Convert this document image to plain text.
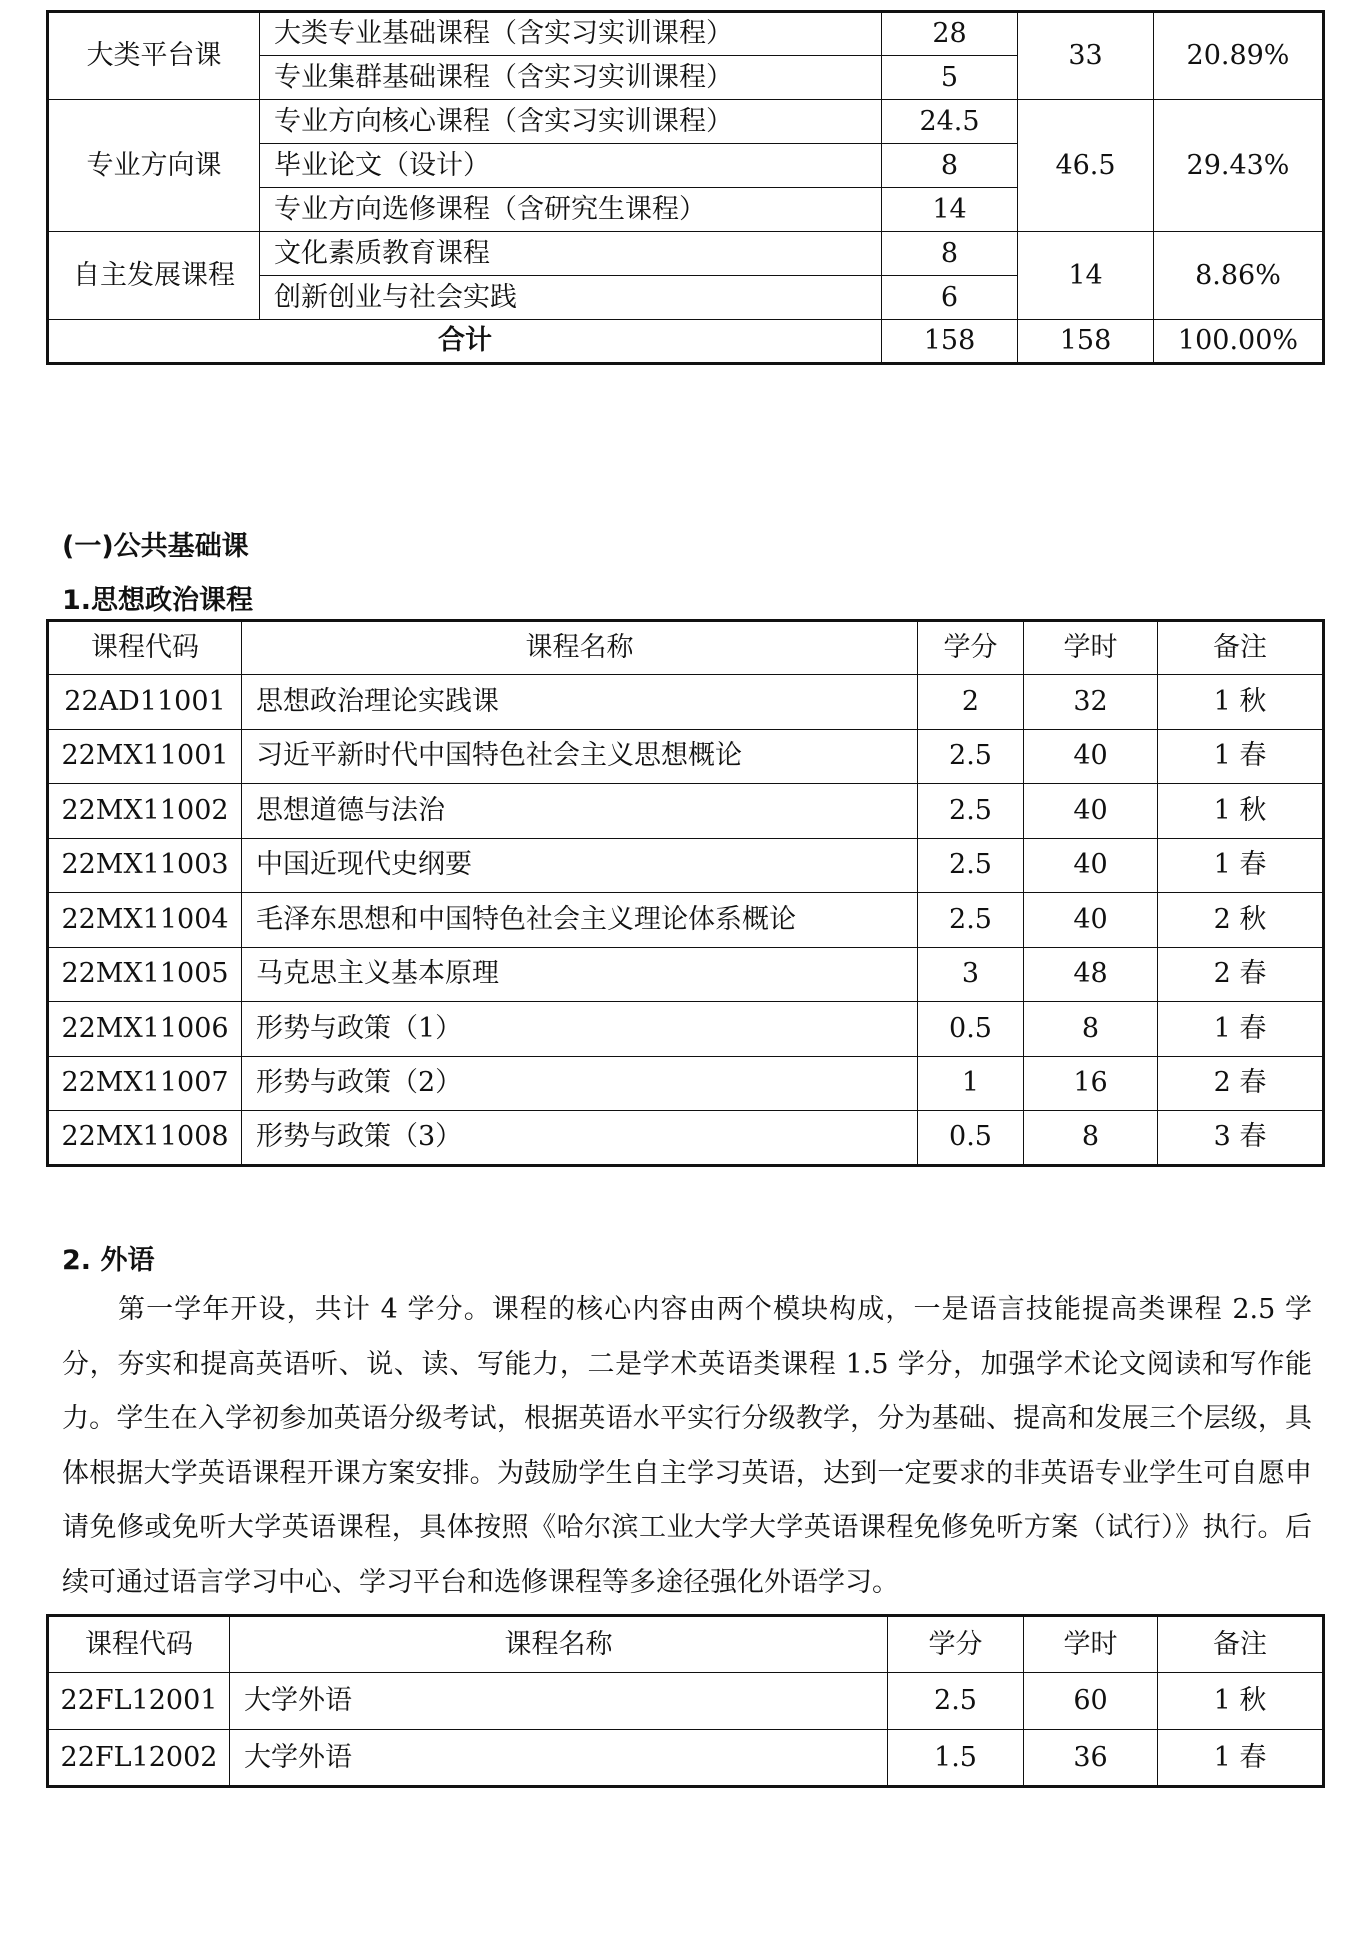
大类平台课	大类专业基础课程（含实习实训课程）	28	33	20.89%
	专业集群基础课程（含实习实训课程）	5		
专业方向课	专业方向核心课程（含实习实训课程）	24.5	46.5	29.43%
	毕业论文（设计）	8		
	专业方向选修课程（含研究生课程）	14		
自主发展课程	文化素质教育课程	8	14	8.86%
	创新创业与社会实践	6		
合计		158	158	100.00%
(一)公共基础课
1.思想政治课程
课程代码	课程名称	学分	学时	备注
22AD11001	思想政治理论实践课	2	32	1 秋
22MX11001	习近平新时代中国特色社会主义思想概论	2.5	40	1 春
22MX11002	思想道德与法治	2.5	40	1 秋
22MX11003	中国近现代史纲要	2.5	40	1 春
22MX11004	毛泽东思想和中国特色社会主义理论体系概论	2.5	40	2 秋
22MX11005	马克思主义基本原理	3	48	2 春
22MX11006	形势与政策（1）	0.5	8	1 春
22MX11007	形势与政策（2）	1	16	2 春
22MX11008	形势与政策（3）	0.5	8	3 春
2. 外语

第一学年开设，共计 4 学分。课程的核心内容由两个模块构成，一是语言技能提高类课程 2.5 学分，夯实和提高英语听、说、读、写能力，二是学术英语类课程 1.5 学分，加强学术论文阅读和写作能力。学生在入学初参加英语分级考试，根据英语水平实行分级教学，分为基础、提高和发展三个层级，具体根据大学英语课程开课方案安排。为鼓励学生自主学习英语，达到一定要求的非英语专业学生可自愿申请免修或免听大学英语课程，具体按照《哈尔滨工业大学大学英语课程免修免听方案（试行）》执行。后续可通过语言学习中心、学习平台和选修课程等多途径强化外语学习。

课程代码	课程名称	学分	学时	备注
22FL12001	大学外语	2.5	60	1 秋
22FL12002	大学外语	1.5	36	1 春
